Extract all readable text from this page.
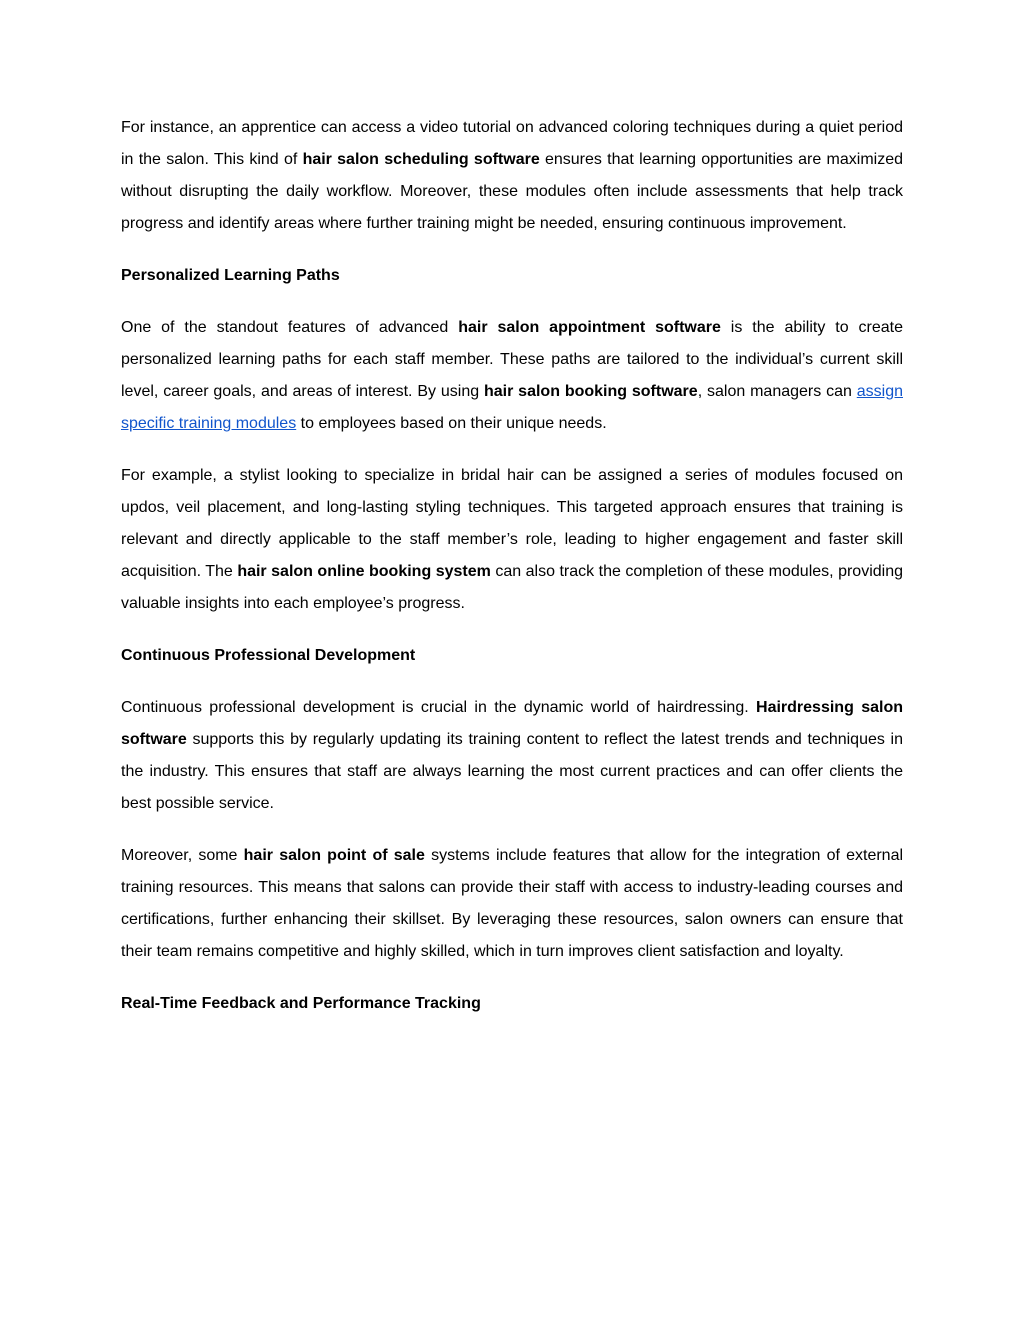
For instance, an apprentice can access a video tutorial on advanced coloring techniques during a quiet period in the salon. This kind of hair salon scheduling software ensures that learning opportunities are maximized without disrupting the daily workflow. Moreover, these modules often include assessments that help track progress and identify areas where further training might be needed, ensuring continuous improvement.

Personalized Learning Paths

One of the standout features of advanced hair salon appointment software is the ability to create personalized learning paths for each staff member. These paths are tailored to the individual’s current skill level, career goals, and areas of interest. By using hair salon booking software, salon managers can assign specific training modules to employees based on their unique needs.

For example, a stylist looking to specialize in bridal hair can be assigned a series of modules focused on updos, veil placement, and long-lasting styling techniques. This targeted approach ensures that training is relevant and directly applicable to the staff member’s role, leading to higher engagement and faster skill acquisition. The hair salon online booking system can also track the completion of these modules, providing valuable insights into each employee’s progress.

Continuous Professional Development

Continuous professional development is crucial in the dynamic world of hairdressing. Hairdressing salon software supports this by regularly updating its training content to reflect the latest trends and techniques in the industry. This ensures that staff are always learning the most current practices and can offer clients the best possible service.

Moreover, some hair salon point of sale systems include features that allow for the integration of external training resources. This means that salons can provide their staff with access to industry-leading courses and certifications, further enhancing their skillset. By leveraging these resources, salon owners can ensure that their team remains competitive and highly skilled, which in turn improves client satisfaction and loyalty.

Real-Time Feedback and Performance Tracking
